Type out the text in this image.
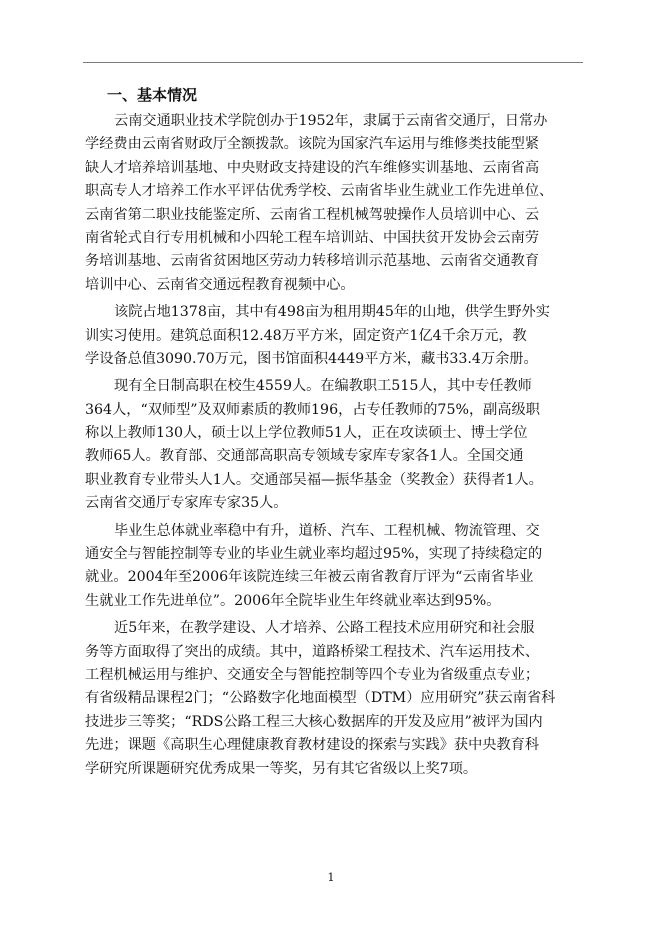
一、基本情况
云南交通职业技术学院创办于1952年，隶属于云南省交通厅，日常办
学经费由云南省财政厅全额拨款。该院为国家汽车运用与维修类技能型紧
缺人才培养培训基地、中央财政支持建设的汽车维修实训基地、云南省高
职高专人才培养工作水平评估优秀学校、云南省毕业生就业工作先进单位、
云南省第二职业技能鉴定所、云南省工程机械驾驶操作人员培训中心、云
南省轮式自行专用机械和小四轮工程车培训站、中国扶贫开发协会云南劳
务培训基地、云南省贫困地区劳动力转移培训示范基地、云南省交通教育
培训中心、云南省交通远程教育视频中心。
该院占地1378亩，其中有498亩为租用期45年的山地，供学生野外实
训实习使用。建筑总面积12.48万平方米，固定资产1亿4千余万元，教
学设备总值3090.70万元，图书馆面积4449平方米，藏书33.4万余册。
现有全日制高职在校生4559人。在编教职工515人，其中专任教师
364人，“双师型”及双师素质的教师196，占专任教师的75%，副高级职
称以上教师130人，硕士以上学位教师51人，正在攻读硕士、博士学位
教师65人。教育部、交通部高职高专领域专家库专家各1人。全国交通
职业教育专业带头人1人。交通部吴福—振华基金（奖教金）获得者1人。
云南省交通厅专家库专家35人。
毕业生总体就业率稳中有升，道桥、汽车、工程机械、物流管理、交
通安全与智能控制等专业的毕业生就业率均超过95%，实现了持续稳定的
就业。2004年至2006年该院连续三年被云南省教育厅评为“云南省毕业
生就业工作先进单位”。2006年全院毕业生年终就业率达到95%。
近5年来，在教学建设、人才培养、公路工程技术应用研究和社会服
务等方面取得了突出的成绩。其中，道路桥梁工程技术、汽车运用技术、
工程机械运用与维护、交通安全与智能控制等四个专业为省级重点专业；
有省级精品课程2门；“公路数字化地面模型（DTM）应用研究”获云南省科
技进步三等奖；“RDS公路工程三大核心数据库的开发及应用”被评为国内
先进；课题《高职生心理健康教育教材建设的探索与实践》获中央教育科
学研究所课题研究优秀成果一等奖，另有其它省级以上奖7项。
1
